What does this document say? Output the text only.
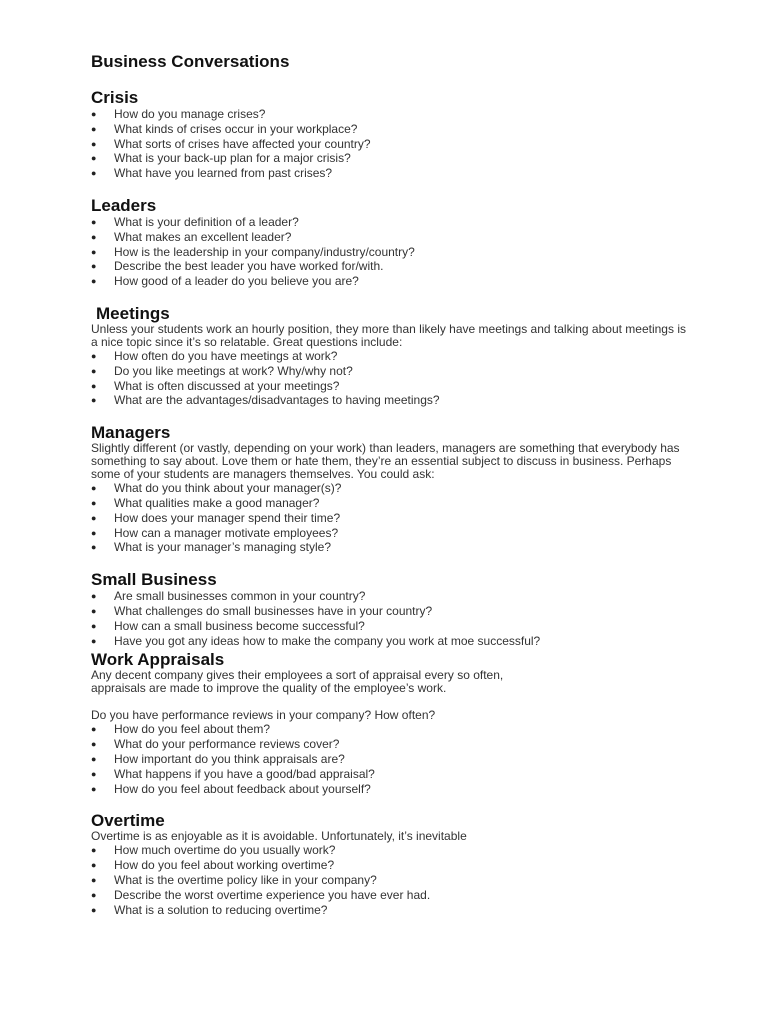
Business Conversations
Crisis
● How do you manage crises?
● What kinds of crises occur in your workplace?
● What sorts of crises have affected your country?
● What is your back-up plan for a major crisis?
● What have you learned from past crises?
Leaders
● What is your definition of a leader?
● What makes an excellent leader?
● How is the leadership in your company/industry/country?
● Describe the best leader you have worked for/with.
● How good of a leader do you believe you are?
Meetings

Unless your students work an hourly position, they more than likely have meetings and talking about meetings is a nice topic since it’s so relatable. Great questions include:

● How often do you have meetings at work?
● Do you like meetings at work? Why/why not?
● What is often discussed at your meetings?
● What are the advantages/disadvantages to having meetings?
Managers

Slightly different (or vastly, depending on your work) than leaders, managers are something that everybody has something to say about. Love them or hate them, they’re an essential subject to discuss in business. Perhaps some of your students are managers themselves. You could ask:

● What do you think about your manager(s)?
● What qualities make a good manager?
● How does your manager spend their time?
● How can a manager motivate employees?
● What is your manager’s managing style?
Small Business
● Are small businesses common in your country?
● What challenges do small businesses have in your country?
● How can a small business become successful?
● Have you got any ideas how to make the company you work at moe successful?
Work Appraisals

Any decent company gives their employees a sort of appraisal every so often, appraisals are made to improve the quality of the employee’s work.

Do you have performance reviews in your company? How often?

● How do you feel about them?
● What do your performance reviews cover?
● How important do you think appraisals are?
● What happens if you have a good/bad appraisal?
● How do you feel about feedback about yourself?
Overtime

Overtime is as enjoyable as it is avoidable. Unfortunately, it’s inevitable

● How much overtime do you usually work?
● How do you feel about working overtime?
● What is the overtime policy like in your company?
● Describe the worst overtime experience you have ever had.
● What is a solution to reducing overtime?
